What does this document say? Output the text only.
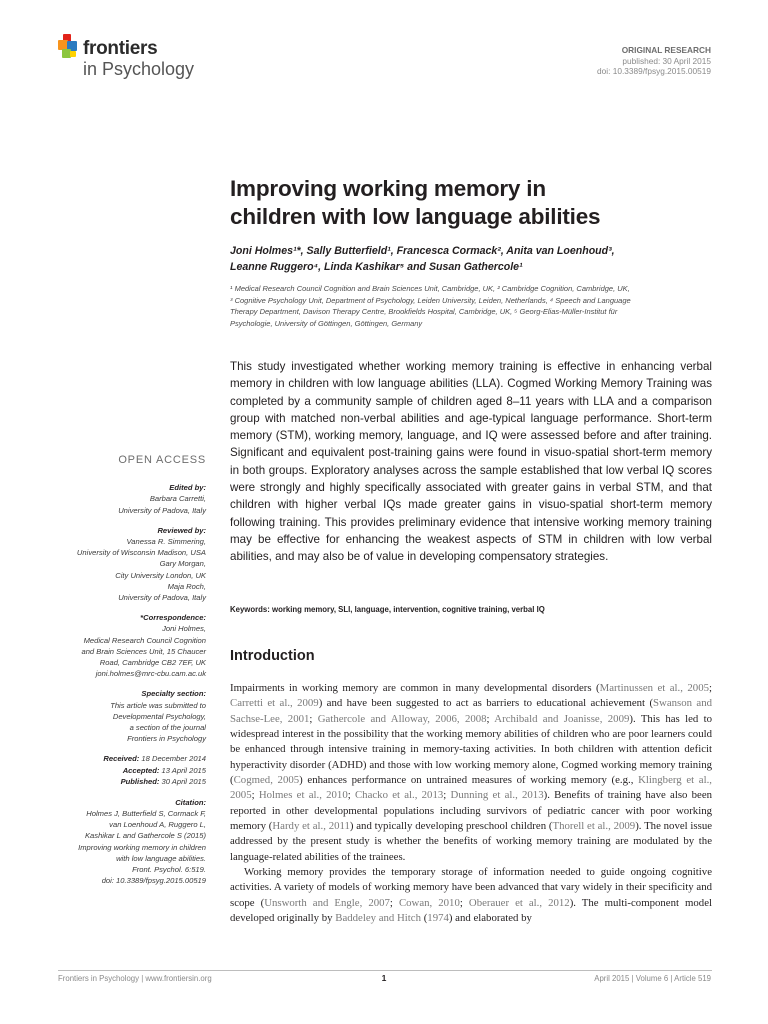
frontiers
in Psychology
ORIGINAL RESEARCH
published: 30 April 2015
doi: 10.3389/fpsyg.2015.00519
Improving working memory in
children with low language abilities
Joni Holmes¹*, Sally Butterfield¹, Francesca Cormack², Anita van Loenhoud³,
Leanne Ruggero⁴, Linda Kashikar⁵ and Susan Gathercole¹
¹ Medical Research Council Cognition and Brain Sciences Unit, Cambridge, UK, ² Cambridge Cognition, Cambridge, UK,
³ Cognitive Psychology Unit, Department of Psychology, Leiden University, Leiden, Netherlands, ⁴ Speech and Language
Therapy Department, Davison Therapy Centre, Brookfields Hospital, Cambridge, UK, ⁵ Georg-Elias-Müller-Institut für
Psychologie, University of Göttingen, Göttingen, Germany

This study investigated whether working memory training is effective in enhancing verbal memory in children with low language abilities (LLA). Cogmed Working Memory Training was completed by a community sample of children aged 8–11 years with LLA and a comparison group with matched non-verbal abilities and age-typical language performance. Short-term memory (STM), working memory, language, and IQ were assessed before and after training. Significant and equivalent post-training gains were found in visuo-spatial short-term memory in both groups. Exploratory analyses across the sample established that low verbal IQ scores were strongly and highly specifically associated with greater gains in verbal STM, and that children with higher verbal IQs made greater gains in visuo-spatial short-term memory following training. This provides preliminary evidence that intensive working memory training may be effective for enhancing the weakest aspects of STM in children with low verbal abilities, and may also be of value in developing compensatory strategies.

Keywords: working memory, SLI, language, intervention, cognitive training, verbal IQ

Introduction

Impairments in working memory are common in many developmental disorders (Martinussen et al., 2005; Carretti et al., 2009) and have been suggested to act as barriers to educational achievement (Swanson and Sachse-Lee, 2001; Gathercole and Alloway, 2006, 2008; Archibald and Joanisse, 2009). This has led to widespread interest in the possibility that the working memory abilities of children who are poor learners could be enhanced through intensive training in memory-taxing activities. In both children with attention deficit hyperactivity disorder (ADHD) and those with low working memory alone, Cogmed working memory training (Cogmed, 2005) enhances performance on untrained measures of working memory (e.g., Klingberg et al., 2005; Holmes et al., 2010; Chacko et al., 2013; Dunning et al., 2013). Benefits of training have also been reported in other developmental populations including survivors of pediatric cancer with poor working memory (Hardy et al., 2011) and typically developing preschool children (Thorell et al., 2009). The novel issue addressed by the present study is whether the benefits of working memory training are modulated by the language-related abilities of the trainees.

Working memory provides the temporary storage of information needed to guide ongoing cognitive activities. A variety of models of working memory have been advanced that vary widely in their specificity and scope (Unsworth and Engle, 2007; Cowan, 2010; Oberauer et al., 2012). The multi-component model developed originally by Baddeley and Hitch (1974) and elaborated by

OPEN ACCESS
Edited by:
Barbara Carretti,
University of Padova, Italy
Reviewed by:
Vanessa R. Simmering,
University of Wisconsin Madison, USA
Gary Morgan,
City University London, UK
Maja Roch,
University of Padova, Italy
*Correspondence:
Joni Holmes,
Medical Research Council Cognition
and Brain Sciences Unit, 15 Chaucer
Road, Cambridge CB2 7EF, UK
joni.holmes@mrc-cbu.cam.ac.uk
Specialty section:
This article was submitted to
Developmental Psychology,
a section of the journal
Frontiers in Psychology
Received: 18 December 2014
Accepted: 13 April 2015
Published: 30 April 2015
Citation:
Holmes J, Butterfield S, Cormack F,
van Loenhoud A, Ruggero L,
Kashikar L and Gathercole S (2015)
Improving working memory in children
with low language abilities.
Front. Psychol. 6:519.
doi: 10.3389/fpsyg.2015.00519
Frontiers in Psychology | www.frontiersin.org	1	April 2015 | Volume 6 | Article 519
